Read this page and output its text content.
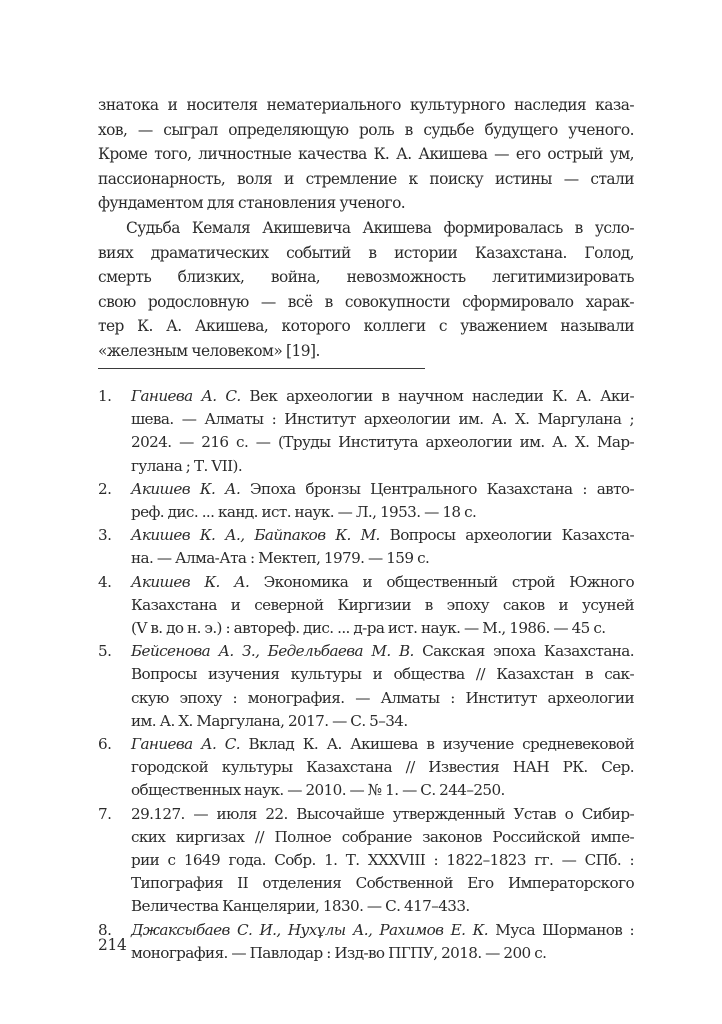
знатока и носителя нематериального культурного наследия каза-
хов, — сыграл определяющую роль в судьбе будущего ученого.
Кроме того, личностные качества К. А. Акишева — его острый ум,
пассионарность, воля и стремление к поиску истины — стали
фундаментом для становления ученого.

Судьба Кемаля Акишевича Акишева формировалась в усло-
виях драматических событий в истории Казахстана. Голод,
смерть близких, война, невозможность легитимизировать
свою родословную — всё в совокупности сформировало харак-
тер К. А. Акишева, которого коллеги с уважением называли
«железным человеком» [19].

1. Ганиева А. С. Век археологии в научном наследии К. А. Аки-
шева. — Алматы : Институт археологии им. А. Х. Маргулана ;
2024. — 216 с. — (Труды Института археологии им. А. Х. Мар-
гулана ; Т. VII).
2. Акишев К. А. Эпоха бронзы Центрального Казахстана : авто-
реф. дис. ... канд. ист. наук. — Л., 1953. — 18 с.
3. Акишев К. А., Байпаков К. М. Вопросы археологии Казахста-
на. — Алма-Ата : Мектеп, 1979. — 159 с.
4. Акишев К. А. Экономика и общественный строй Южного
Казахстана и северной Киргизии в эпоху саков и усуней
(V в. до н. э.) : автореф. дис. ... д-ра ист. наук. — М., 1986. — 45 с.
5. Бейсенова А. З., Бедельбаева М. В. Сакская эпоха Казахстана.
Вопросы изучения культуры и общества // Казахстан в сак-
скую эпоху : монография. — Алматы : Институт археологии
им. А. Х. Маргулана, 2017. — С. 5–34.
6. Ганиева А. С. Вклад К. А. Акишева в изучение средневековой
городской культуры Казахстана // Известия НАН РК. Сер.
общественных наук. — 2010. — № 1. — С. 244–250.
7. 29.127. — июля 22. Высочайше утвержденный Устав о Сибир-
ских киргизах // Полное собрание законов Российской импе-
рии с 1649 года. Собр. 1. Т. XXXVIII : 1822–1823 гг. — СПб. :
Типография II отделения Собственной Его Императорского
Величества Канцелярии, 1830. — С. 417–433.
8. Джаксыбаев С. И., Нухұлы А., Рахимов Е. К. Муса Шорманов :
монография. — Павлодар : Изд-во ПГПУ, 2018. — 200 с.
214
